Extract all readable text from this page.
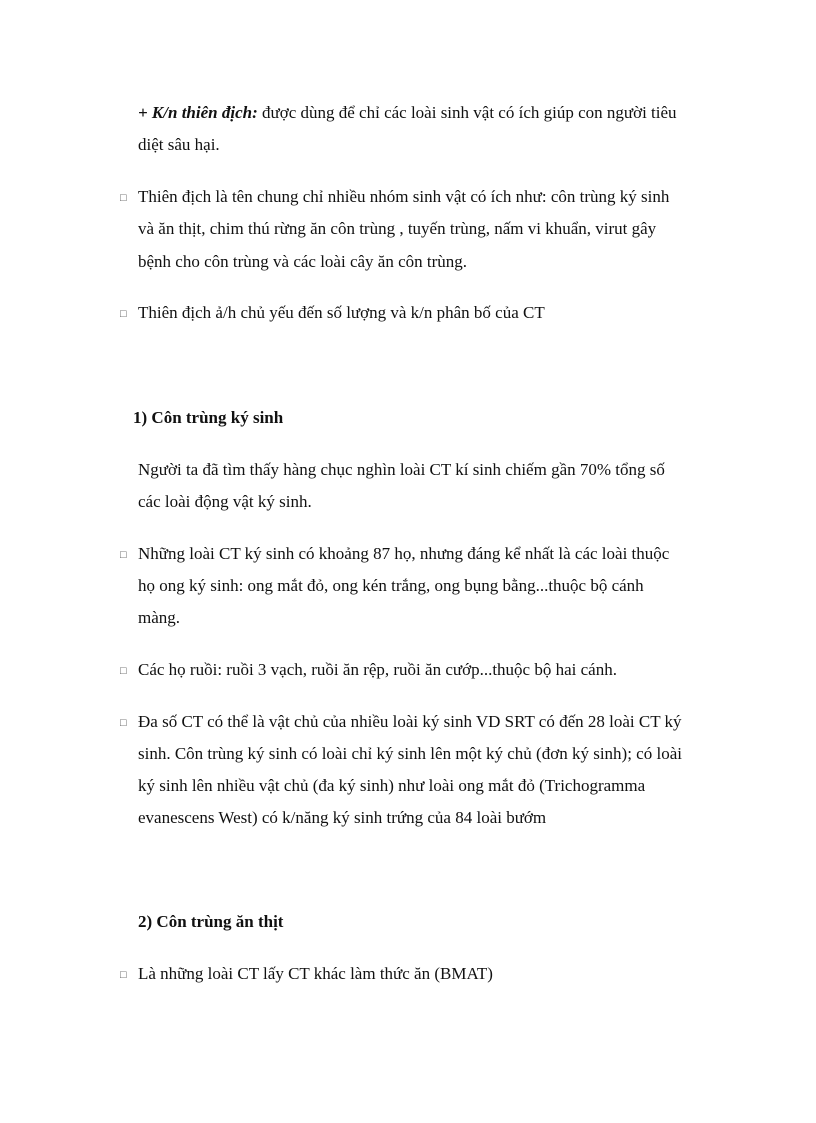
+ K/n thiên địch: được dùng để chỉ các loài sinh vật có ích giúp con người tiêu
diệt sâu hại.
□ Thiên địch là tên chung chỉ nhiều nhóm sinh vật có ích như: côn trùng ký sinh
và ăn thịt, chim thú rừng ăn côn trùng , tuyến trùng, nấm vi khuẩn, virut gây
bệnh cho côn trùng và các loài cây ăn côn trùng.
□ Thiên địch ả/h chủ yếu đến số lượng và k/n phân bố của CT
1) Côn trùng ký sinh
Người ta đã tìm thấy hàng chục nghìn loài CT kí sinh chiếm gần 70% tổng số
các loài động vật ký sinh.
□ Những loài CT ký sinh có khoảng 87 họ, nhưng đáng kể nhất là các loài thuộc
họ ong ký sinh: ong mắt đỏ, ong kén trắng, ong bụng bằng...thuộc bộ cánh
màng.
□ Các họ ruồi: ruồi 3 vạch, ruồi ăn rệp, ruồi ăn cướp...thuộc bộ hai cánh.
□ Đa số CT có thể là vật chủ của nhiều loài ký sinh VD SRT có đến 28 loài CT ký
sinh. Côn trùng ký sinh có loài chỉ ký sinh lên một ký chủ (đơn ký sinh); có loài
ký sinh lên nhiều vật chủ (đa ký sinh) như loài ong mắt đỏ (Trichogramma
evanescens West) có k/năng ký sinh trứng của 84 loài bướm
2) Côn trùng ăn thịt
□ Là những loài CT lấy CT khác làm thức ăn (BMAT)
